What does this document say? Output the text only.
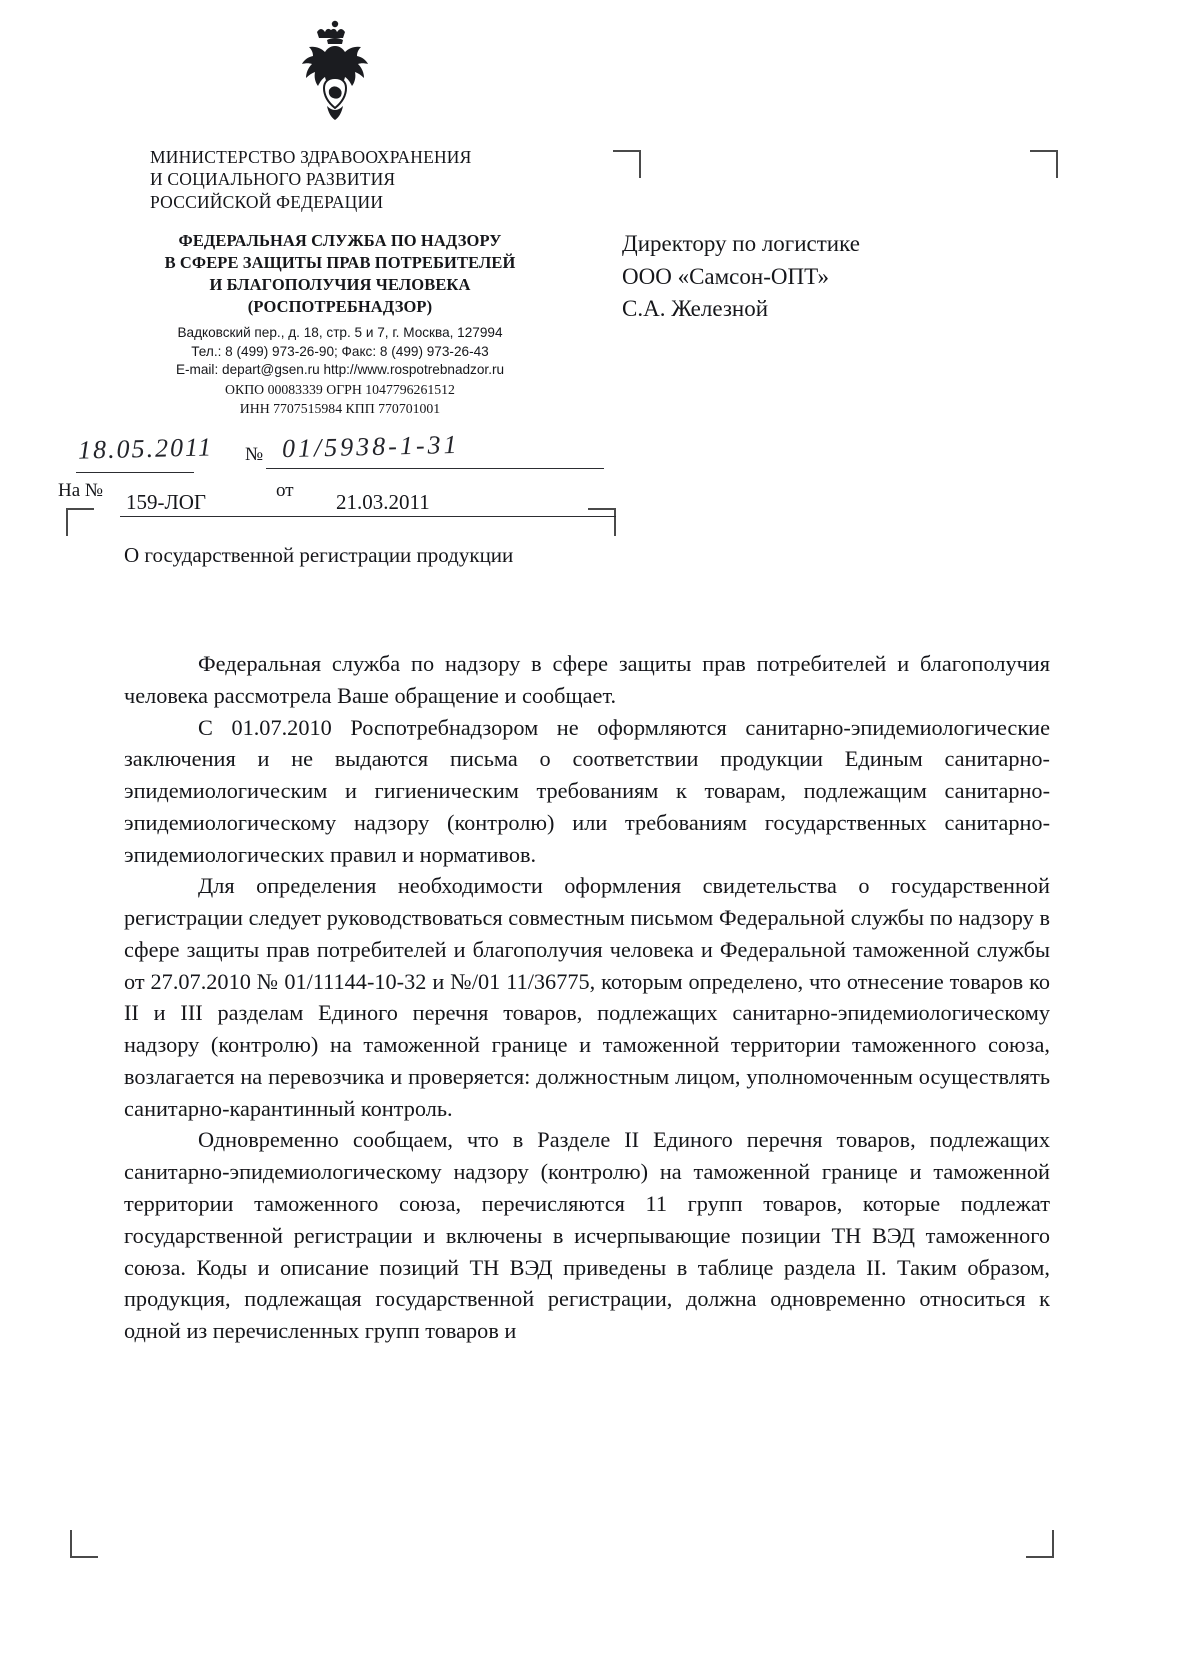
МИНИСТЕРСТВО ЗДРАВООХРАНЕНИЯ
И СОЦИАЛЬНОГО РАЗВИТИЯ
РОССИЙСКОЙ ФЕДЕРАЦИИ
ФЕДЕРАЛЬНАЯ СЛУЖБА ПО НАДЗОРУ
В СФЕРЕ ЗАЩИТЫ ПРАВ ПОТРЕБИТЕЛЕЙ
И БЛАГОПОЛУЧИЯ ЧЕЛОВЕКА
(РОСПОТРЕБНАДЗОР)
Вадковский пер., д. 18, стр. 5 и 7, г. Москва, 127994
Тел.: 8 (499) 973-26-90; Факс: 8 (499) 973-26-43
E-mail: depart@gsen.ru http://www.rospotrebnadzor.ru
ОКПО 00083339 ОГРН 1047796261512
ИНН 7707515984 КПП 770701001
Директору по логистике
ООО «Самсон-ОПТ»
С.А. Железной
18.05.2011 № 01/5938-1-31
На № 159-ЛОГ	от 21.03.2011
О государственной регистрации продукции

Федеральная служба по надзору в сфере защиты прав потребителей и благополучия человека рассмотрела Ваше обращение и сообщает.

С 01.07.2010 Роспотребнадзором не оформляются санитарно-эпидемиологические заключения и не выдаются письма о соответствии продукции Единым санитарно-эпидемиологическим и гигиеническим требованиям к товарам, подлежащим санитарно-эпидемиологическому надзору (контролю) или требованиям государственных санитарно-эпидемиологических правил и нормативов.

Для определения необходимости оформления свидетельства о государственной регистрации следует руководствоваться совместным письмом Федеральной службы по надзору в сфере защиты прав потребителей и благополучия человека и Федеральной таможенной службы от 27.07.2010 № 01/11144-10-32 и №/01 11/36775, которым определено, что отнесение товаров ко II и III разделам Единого перечня товаров, подлежащих санитарно-эпидемиологическому надзору (контролю) на таможенной границе и таможенной территории таможенного союза, возлагается на перевозчика и проверяется: должностным лицом, уполномоченным осуществлять санитарно-карантинный контроль.

Одновременно сообщаем, что в Разделе II Единого перечня товаров, подлежащих санитарно-эпидемиологическому надзору (контролю) на таможенной границе и таможенной территории таможенного союза, перечисляются 11 групп товаров, которые подлежат государственной регистрации и включены в исчерпывающие позиции ТН ВЭД таможенного союза. Коды и описание позиций ТН ВЭД приведены в таблице раздела II. Таким образом, продукция, подлежащая государственной регистрации, должна одновременно относиться к одной из перечисленных групп товаров и
